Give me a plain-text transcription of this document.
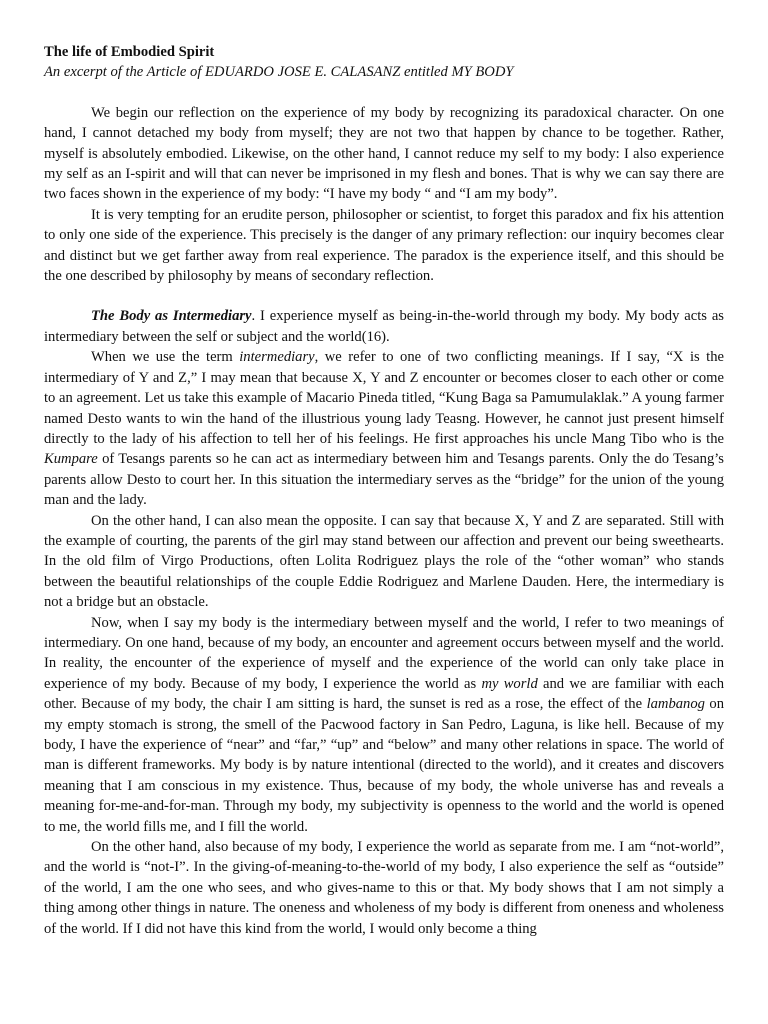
The life of Embodied Spirit

An excerpt of the Article of EDUARDO JOSE E. CALASANZ entitled MY BODY

We begin our reflection on the experience of my body by recognizing its paradoxical character. On one hand, I cannot detached my body from myself; they are not two that happen by chance to be together. Rather, myself is absolutely embodied. Likewise, on the other hand, I cannot reduce my self to my body: I also experience my self as an I-spirit and will that can never be imprisoned in my flesh and bones. That is why we can say there are two faces shown in the experience of my body: “I have my body “ and “I am my body”.

It is very tempting for an erudite person, philosopher or scientist, to forget this paradox and fix his attention to only one side of the experience. This precisely is the danger of any primary reflection: our inquiry becomes clear and distinct but we get farther away from real experience. The paradox is the experience itself, and this should be the one described by philosophy by means of secondary reflection.

The Body as Intermediary. I experience myself as being-in-the-world through my body. My body acts as intermediary between the self or subject and the world(16).

When we use the term intermediary, we refer to one of two conflicting meanings. If I say, “X is the intermediary of Y and Z,” I may mean that because X, Y and Z encounter or becomes closer to each other or come to an agreement. Let us take this example of Macario Pineda titled, “Kung Baga sa Pamumulaklak.” A young farmer named Desto wants to win the hand of the illustrious young lady Teasng. However, he cannot just present himself directly to the lady of his affection to tell her of his feelings. He first approaches his uncle Mang Tibo who is the Kumpare of Tesangs parents so he can act as intermediary between him and Tesangs parents. Only the do Tesang’s parents allow Desto to court her. In this situation the intermediary serves as the “bridge” for the union of the young man and the lady.

On the other hand, I can also mean the opposite. I can say that because X, Y and Z are separated. Still with the example of courting, the parents of the girl may stand between our affection and prevent our being sweethearts. In the old film of Virgo Productions, often Lolita Rodriguez plays the role of the “other woman” who stands between the beautiful relationships of the couple Eddie Rodriguez and Marlene Dauden. Here, the intermediary is not a bridge but an obstacle.

Now, when I say my body is the intermediary between myself and the world, I refer to two meanings of intermediary. On one hand, because of my body, an encounter and agreement occurs between myself and the world. In reality, the encounter of the experience of myself and the experience of the world can only take place in experience of my body. Because of my body, I experience the world as my world and we are familiar with each other. Because of my body, the chair I am sitting is hard, the sunset is red as a rose, the effect of the lambanog on my empty stomach is strong, the smell of the Pacwood factory in San Pedro, Laguna, is like hell. Because of my body, I have the experience of “near” and “far,” “up” and “below” and many other relations in space. The world of man is different frameworks. My body is by nature intentional (directed to the world), and it creates and discovers meaning that I am conscious in my existence. Thus, because of my body, the whole universe has and reveals a meaning for-me-and-for-man. Through my body, my subjectivity is openness to the world and the world is opened to me, the world fills me, and I fill the world.

On the other hand, also because of my body, I experience the world as separate from me. I am “not-world”, and the world is “not-I”. In the giving-of-meaning-to-the-world of my body, I also experience the self as “outside” of the world, I am the one who sees, and who gives-name to this or that. My body shows that I am not simply a thing among other things in nature. The oneness and wholeness of my body is different from oneness and wholeness of the world. If I did not have this kind from the world, I would only become a thing
